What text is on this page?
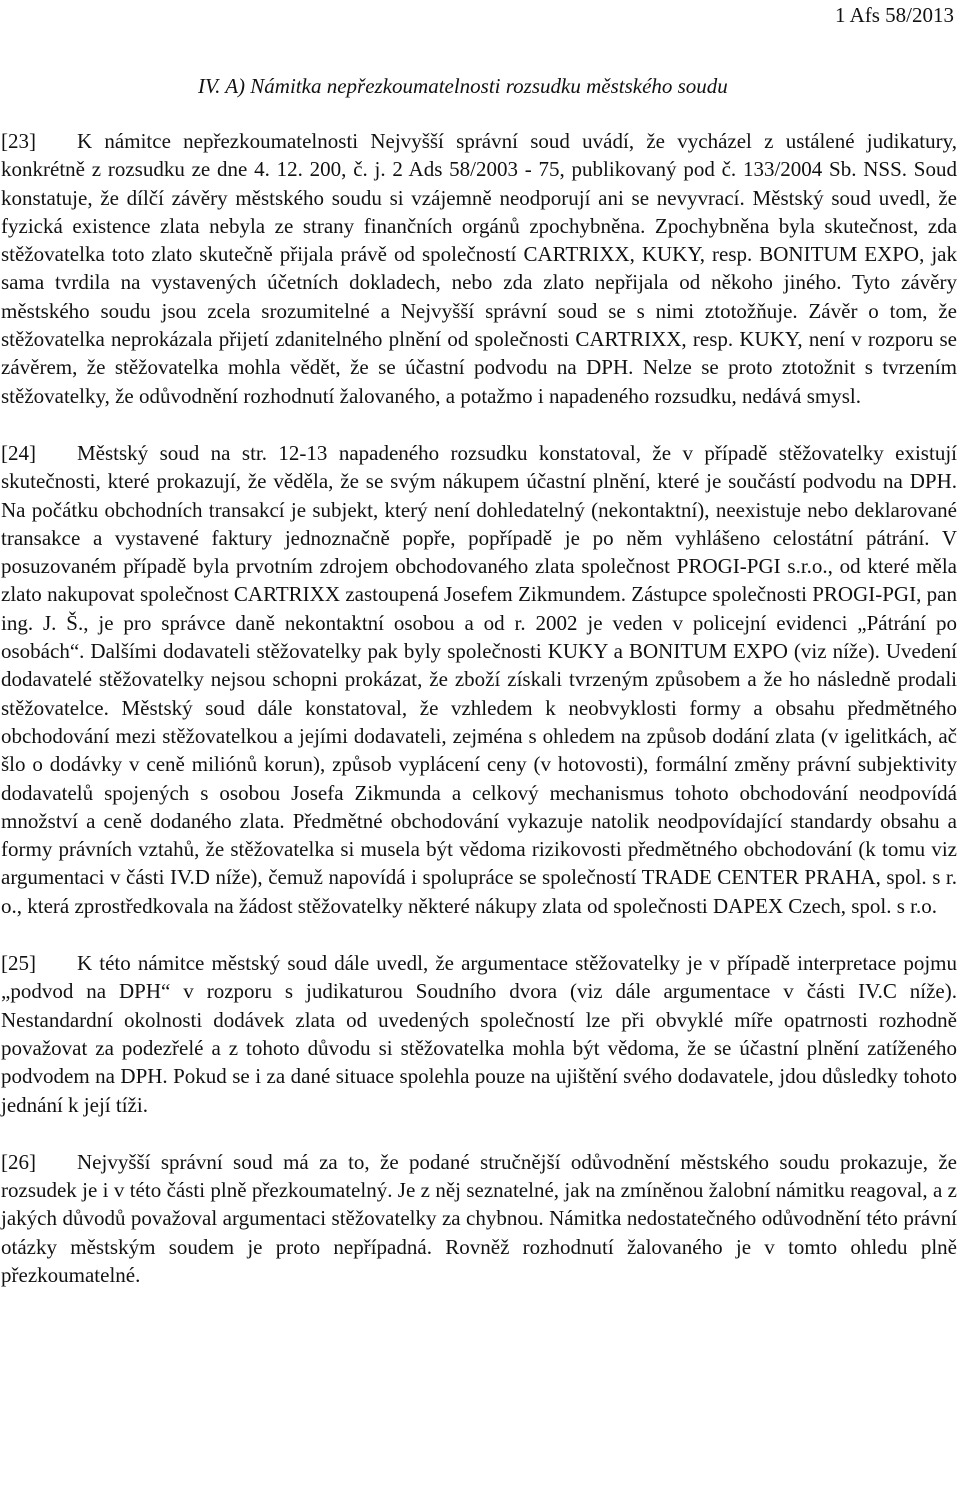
1 Afs 58/2013
IV. A) Námitka nepřezkoumatelnosti rozsudku městského soudu

[23] K námitce nepřezkoumatelnosti Nejvyšší správní soud uvádí, že vycházel z ustálené judikatury, konkrétně z rozsudku ze dne 4. 12. 200, č. j. 2 Ads 58/2003 - 75, publikovaný pod č. 133/2004 Sb. NSS. Soud konstatuje, že dílčí závěry městského soudu si vzájemně neodporují ani se nevyvrací. Městský soud uvedl, že fyzická existence zlata nebyla ze strany finančních orgánů zpochybněna. Zpochybněna byla skutečnost, zda stěžovatelka toto zlato skutečně přijala právě od společností CARTRIXX, KUKY, resp. BONITUM EXPO, jak sama tvrdila na vystavených účetních dokladech, nebo zda zlato nepřijala od někoho jiného. Tyto závěry městského soudu jsou zcela srozumitelné a Nejvyšší správní soud se s nimi ztotožňuje. Závěr o tom, že stěžovatelka neprokázala přijetí zdanitelného plnění od společnosti CARTRIXX, resp. KUKY, není v rozporu se závěrem, že stěžovatelka mohla vědět, že se účastní podvodu na DPH. Nelze se proto ztotožnit s tvrzením stěžovatelky, že odůvodnění rozhodnutí žalovaného, a potažmo i napadeného rozsudku, nedává smysl.

[24] Městský soud na str. 12-13 napadeného rozsudku konstatoval, že v případě stěžovatelky existují skutečnosti, které prokazují, že věděla, že se svým nákupem účastní plnění, které je součástí podvodu na DPH. Na počátku obchodních transakcí je subjekt, který není dohledatelný (nekontaktní), neexistuje nebo deklarované transakce a vystavené faktury jednoznačně popře, popřípadě je po něm vyhlášeno celostátní pátrání. V posuzovaném případě byla prvotním zdrojem obchodovaného zlata společnost PROGI-PGI s.r.o., od které měla zlato nakupovat společnost CARTRIXX zastoupená Josefem Zikmundem. Zástupce společnosti PROGI-PGI, pan ing. J. Š., je pro správce daně nekontaktní osobou a od r. 2002 je veden v policejní evidenci „Pátrání po osobách“. Dalšími dodavateli stěžovatelky pak byly společnosti KUKY a BONITUM EXPO (viz níže). Uvedení dodavatelé stěžovatelky nejsou schopni prokázat, že zboží získali tvrzeným způsobem a že ho následně prodali stěžovatelce. Městský soud dále konstatoval, že vzhledem k neobvyklosti formy a obsahu předmětného obchodování mezi stěžovatelkou a jejími dodavateli, zejména s ohledem na způsob dodání zlata (v igelitkách, ač šlo o dodávky v ceně miliónů korun), způsob vyplácení ceny (v hotovosti), formální změny právní subjektivity dodavatelů spojených s osobou Josefa Zikmunda a celkový mechanismus tohoto obchodování neodpovídá množství a ceně dodaného zlata. Předmětné obchodování vykazuje natolik neodpovídající standardy obsahu a formy právních vztahů, že stěžovatelka si musela být vědoma rizikovosti předmětného obchodování (k tomu viz argumentaci v části IV.D níže), čemuž napovídá i spolupráce se společností TRADE CENTER PRAHA, spol. s r. o., která zprostředkovala na žádost stěžovatelky některé nákupy zlata od společnosti DAPEX Czech, spol. s r.o.

[25] K této námitce městský soud dále uvedl, že argumentace stěžovatelky je v případě interpretace pojmu „podvod na DPH“ v rozporu s judikaturou Soudního dvora (viz dále argumentace v části IV.C níže). Nestandardní okolnosti dodávek zlata od uvedených společností lze při obvyklé míře opatrnosti rozhodně považovat za podezřelé a z tohoto důvodu si stěžovatelka mohla být vědoma, že se účastní plnění zatíženého podvodem na DPH. Pokud se i za dané situace spolehla pouze na ujištění svého dodavatele, jdou důsledky tohoto jednání k její tíži.

[26] Nejvyšší správní soud má za to, že podané stručnější odůvodnění městského soudu prokazuje, že rozsudek je i v této části plně přezkoumatelný. Je z něj seznatelné, jak na zmíněnou žalobní námitku reagoval, a z jakých důvodů považoval argumentaci stěžovatelky za chybnou. Námitka nedostatečného odůvodnění této právní otázky městským soudem je proto nepřípadná. Rovněž rozhodnutí žalovaného je v tomto ohledu plně přezkoumatelné.
